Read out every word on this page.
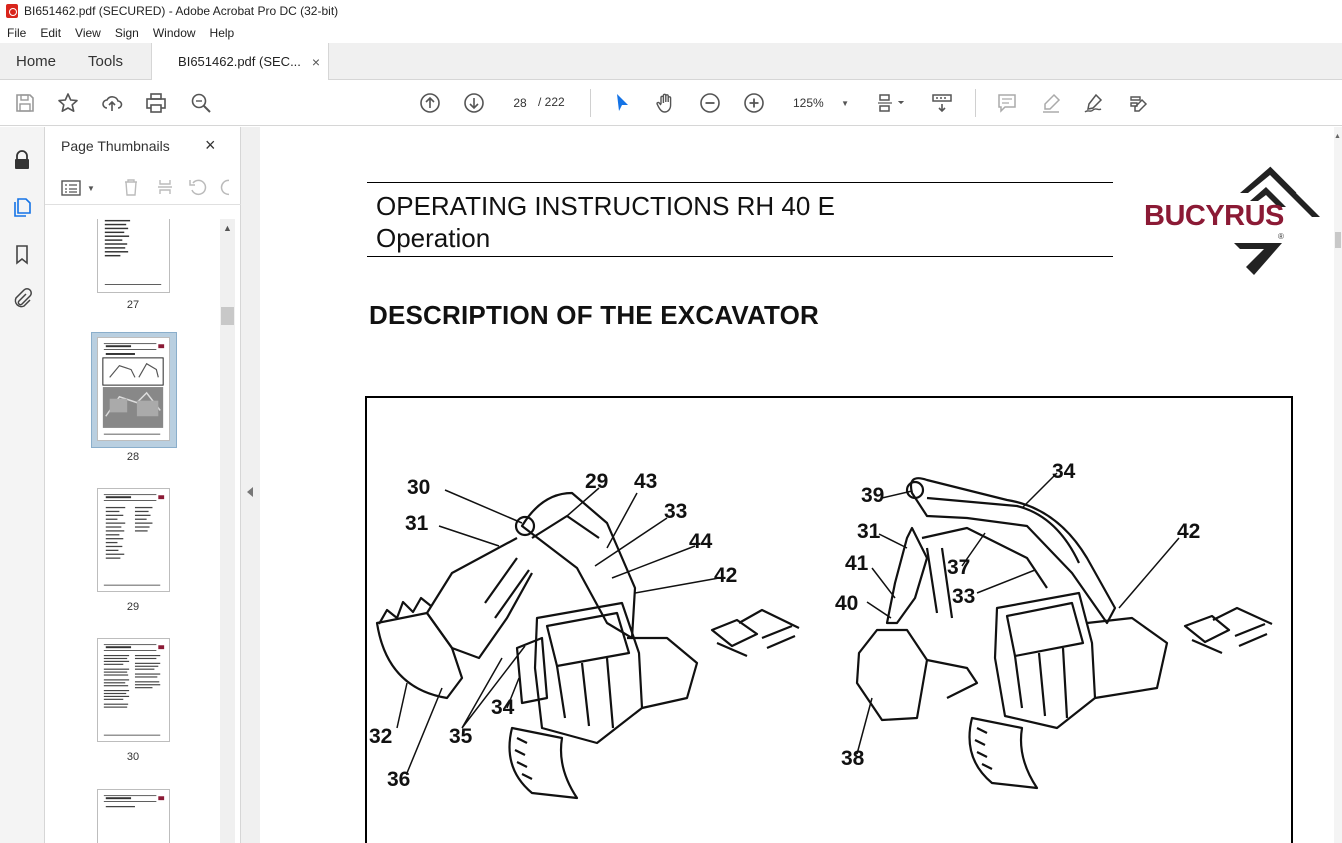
BI651462.pdf (SECURED) - Adobe Acrobat Pro DC (32-bit)
File	Edit	View	Sign	Window	Help
Home	Tools	BI651462.pdf (SEC... ×
28
/ 222	125% ▼
Page Thumbnails ×
▼
27
28
29
30
▲
OPERATING INSTRUCTIONS RH 40 E
Operation
BUCYRUS
®
DESCRIPTION OF THE EXCAVATOR
30	29 43
33
31
44
42
34
35
32
36
34
39
31	42
37
41
33
40
38
▲
